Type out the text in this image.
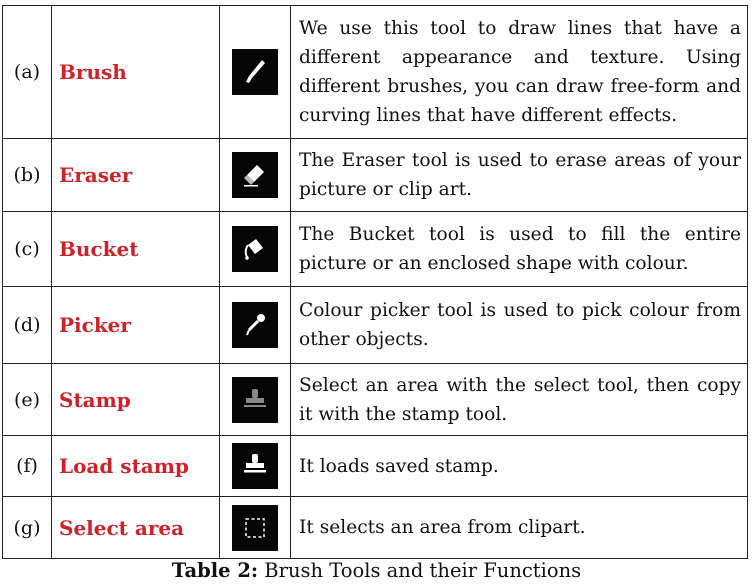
(a)	Brush		We use this tool to draw lines that have a different appearance and texture. Using different brushes, you can draw free-form and curving lines that have different effects.
(b)	Eraser		The Eraser tool is used to erase areas of your picture or clip art.
(c)	Bucket		The Bucket tool is used to fill the entire picture or an enclosed shape with colour.
(d)	Picker		Colour picker tool is used to pick colour from other objects.
(e)	Stamp		Select an area with the select tool, then copy it with the stamp tool.
(f)	Load stamp		It loads saved stamp.
(g)	Select area		It selects an area from clipart.
Table 2: Brush Tools and their Functions
